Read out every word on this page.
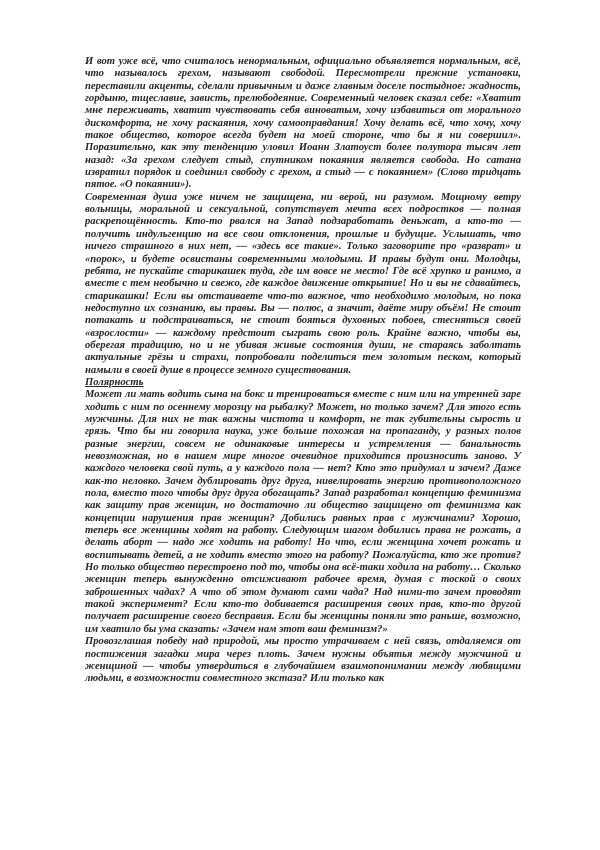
И вот уже всё, что считалось ненормальным, официально объявляется нормальным, всё, что называлось грехом, называют свободой. Пересмотрели прежние установки, переставили акценты, сделали привычным и даже главным доселе постыдное: жадность, гордыню, тщеславие, зависть, прелюбодеяние. Современный человек сказал себе: «Хватит мне переживать, хватит чувствовать себя виноватым, хочу избавиться от морального дискомфорта, не хочу раскаяния, хочу самооправдания! Хочу делать всё, что хочу, хочу такое общество, которое всегда будет на моей стороне, что бы я ни совершил». Поразительно, как эту тенденцию уловил Иоанн Златоуст более полутора тысяч лет назад: «За грехом следует стыд, спутником покаяния является свобода. Но сатана извратил порядок и соединил свободу с грехом, а стыд — с покаянием» (Слово тридцать пятое. «О покаянии»).

Современная душа уже ничем не защищена, ни верой, ни разумом. Мощному ветру вольницы, моральной и сексуальной, сопутствует мечта всех подростков — полная раскрепощённость. Кто-то рвался на Запад подзаработать деньжат, а кто-то — получить индульгенцию на все свои отклонения, прошлые и будущие. Услышать, что ничего страшного в них нет, — «здесь все такие». Только заговорите про «разврат» и «порок», и будете освистаны современными молодыми. И правы будут они. Молодцы, ребята, не пускайте старикашек туда, где им вовсе не место! Где всё хрупко и ранимо, а вместе с тем необычно и свежо, где каждое движение открытие! Но и вы не сдавайтесь, старикашки! Если вы отстаиваете что-то важное, что необходимо молодым, но пока недоступно их сознанию, вы правы. Вы — полюс, а значит, даёте миру объём! Не стоит потакать и подстраиваться, не стоит бояться духовных побоев, стесняться своей «взрослости» — каждому предстоит сыграть свою роль. Крайне важно, чтобы вы, оберегая традицию, но и не убивая живые состояния души, не стараясь заболтать актуальные грёзы и страхи, попробовали поделиться тем золотым песком, который намыли в своей душе в процессе земного существования.

Полярность

Может ли мать водить сына на бокс и тренироваться вместе с ним или на утренней заре ходить с ним по осеннему морозцу на рыбалку? Может, но только зачем? Для этого есть мужчины. Для них не так важны чистота и комфорт, не так губительны сырость и грязь. Что бы ни говорила наука, уже больше похожая на пропаганду, у разных полов разные энергии, совсем не одинаковые интересы и устремления — банальность невозможная, но в нашем мире многое очевидное приходится произносить заново. У каждого человека свой путь, а у каждого пола — нет? Кто это придумал и зачем? Даже как-то неловко. Зачем дублировать друг друга, нивелировать энергию противоположного пола, вместо того чтобы друг друга обогащать? Запад разработал концепцию феминизма как защиту прав женщин, но достаточно ли общество защищено от феминизма как концепции нарушения прав женщин? Добились равных прав с мужчинами? Хорошо, теперь все женщины ходят на работу. Следующим шагом добились права не рожать, а делать аборт — надо же ходить на работу! Но что, если женщина хочет рожать и воспитывать детей, а не ходить вместо этого на работу? Пожалуйста, кто же против? Но только общество перестроено под то, чтобы она всё-таки ходила на работу… Сколько женщин теперь вынужденно отсиживают рабочее время, думая с тоской о своих заброшенных чадах? А что об этом думают сами чада? Над ними-то зачем проводят такой эксперимент? Если кто-то добивается расширения своих прав, кто-то другой получает расширение своего бесправия. Если бы женщины поняли это раньше, возможно, им хватило бы ума сказать: «Зачем нам этот ваш феминизм?»

Провозглашая победу над природой, мы просто утрачиваем с ней связь, отдаляемся от постижения загадки мира через плоть. Зачем нужны объятья между мужчиной и женщиной — чтобы утвердиться в глубочайшем взаимопонимании между любящими людьми, в возможности совместного экстаза? Или только как
